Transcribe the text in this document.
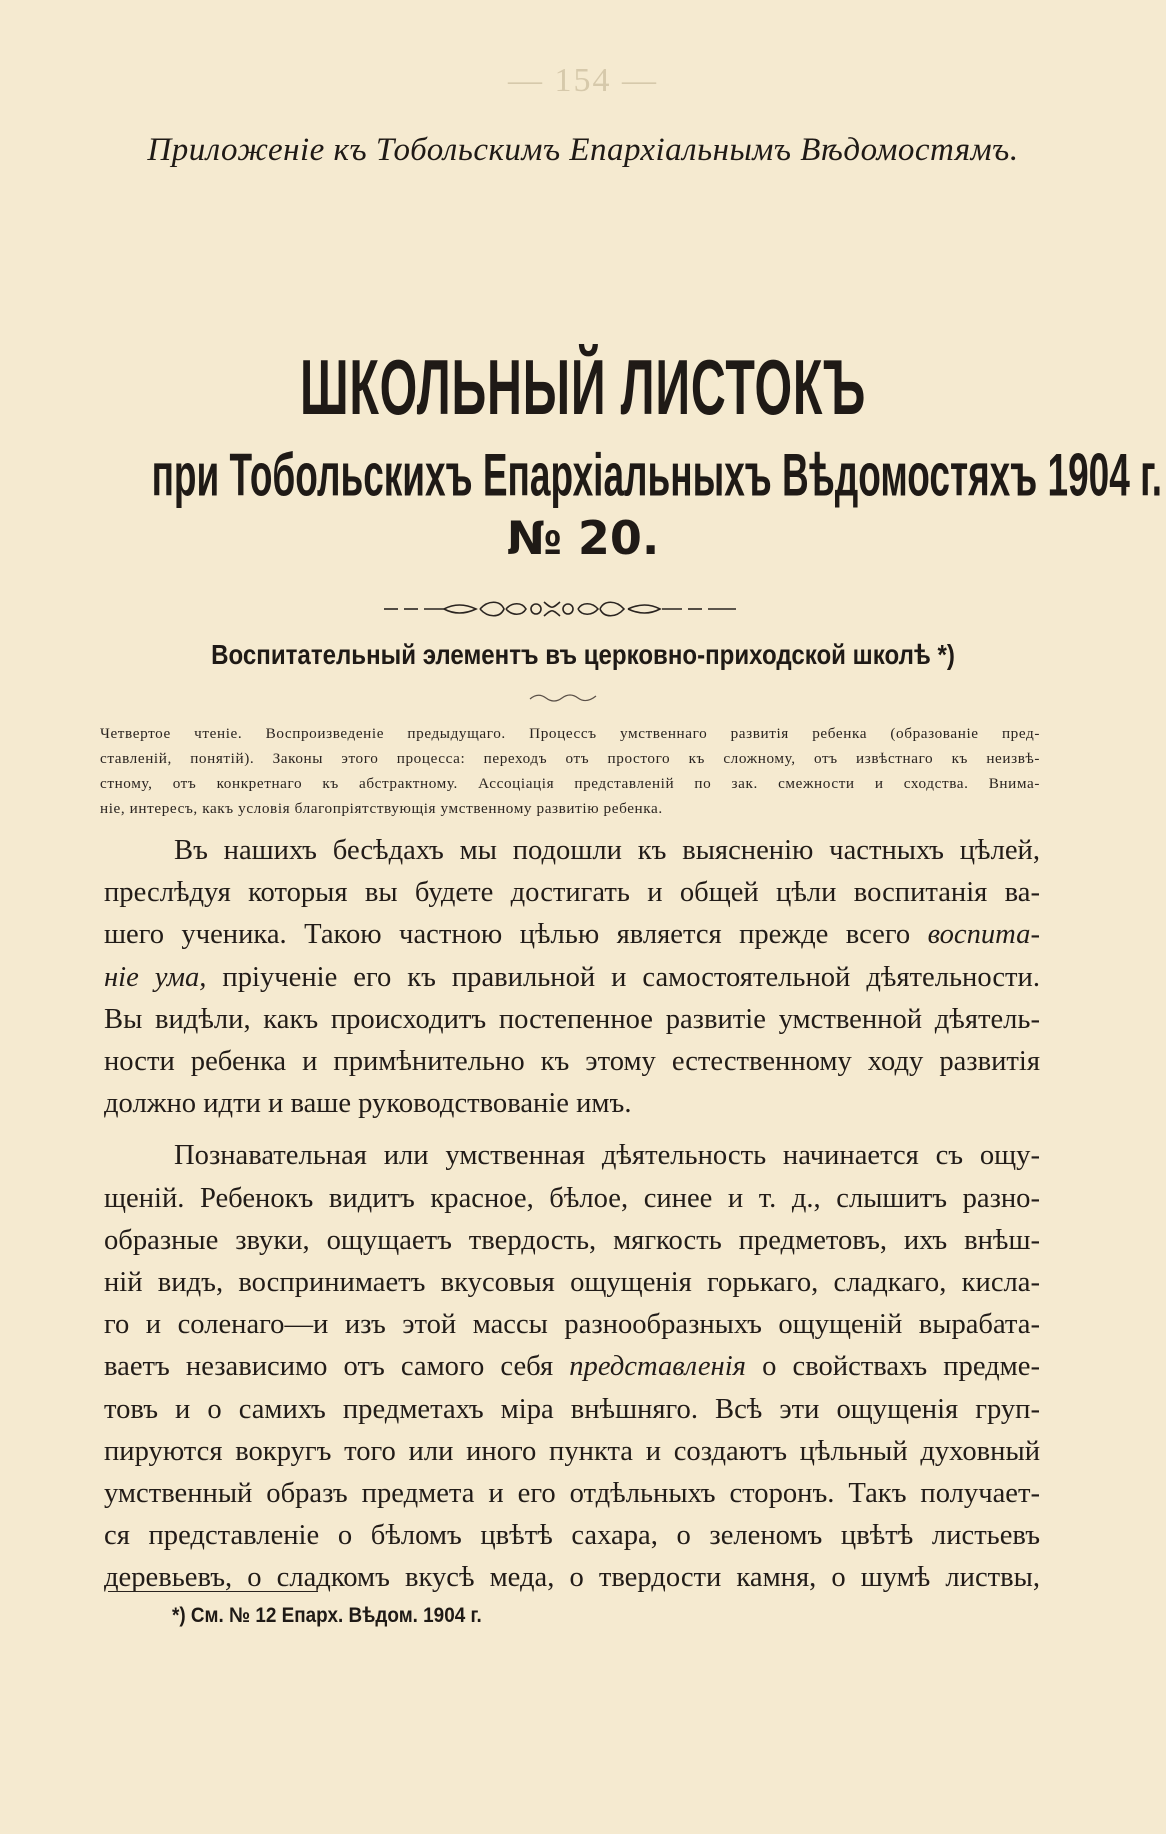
— 154 —
Приложеніе къ Тобольскимъ Епархіальнымъ Вѣдомостямъ.
ШКОЛЬНЫЙ ЛИСТОКЪ
при Тобольскихъ Епархіальныхъ Вѣдомостяхъ 1904 г.
№ 20.
Воспитательный элементъ въ церковно-приходской школѣ *)
Четвертое чтеніе. Воспроизведеніе предыдущаго. Процессъ умственнаго развитія ребенка (образованіе пред-
ставленій, понятій). Законы этого процесса: переходъ отъ простого къ сложному, отъ извѣстнаго къ неизвѣ-
стному, отъ конкретнаго къ абстрактному. Ассоціація представленій по зак. смежности и сходства. Внима-
ніе, интересъ, какъ условія благопріятствующія умственному развитію ребенка.
Въ нашихъ бесѣдахъ мы подошли къ выясненію частныхъ цѣлей,
преслѣдуя которыя вы будете достигать и общей цѣли воспитанія ва-
шего ученика. Такою частною цѣлью является прежде всего воспита-
ніе ума, пріученіе его къ правильной и самостоятельной дѣятельности.
Вы видѣли, какъ происходитъ постепенное развитіе умственной дѣятель-
ности ребенка и примѣнительно къ этому естественному ходу развитія
должно идти и ваше руководствованіе имъ.
Познавательная или умственная дѣятельность начинается съ ощу-
щеній. Ребенокъ видитъ красное, бѣлое, синее и т. д., слышитъ разно-
образные звуки, ощущаетъ твердость, мягкость предметовъ, ихъ внѣш-
ній видъ, воспринимаетъ вкусовыя ощущенія горькаго, сладкаго, кисла-
го и соленаго—и изъ этой массы разнообразныхъ ощущеній вырабата-
ваетъ независимо отъ самого себя представленія о свойствахъ предме-
товъ и о самихъ предметахъ міра внѣшняго. Всѣ эти ощущенія груп-
пируются вокругъ того или иного пункта и создаютъ цѣльный духовный
умственный образъ предмета и его отдѣльныхъ сторонъ. Такъ получает-
ся представленіе о бѣломъ цвѣтѣ сахара, о зеленомъ цвѣтѣ листьевъ
деревьевъ, о сладкомъ вкусѣ меда, о твердости камня, о шумѣ листвы,
*) См. № 12 Епарх. Вѣдом. 1904 г.
